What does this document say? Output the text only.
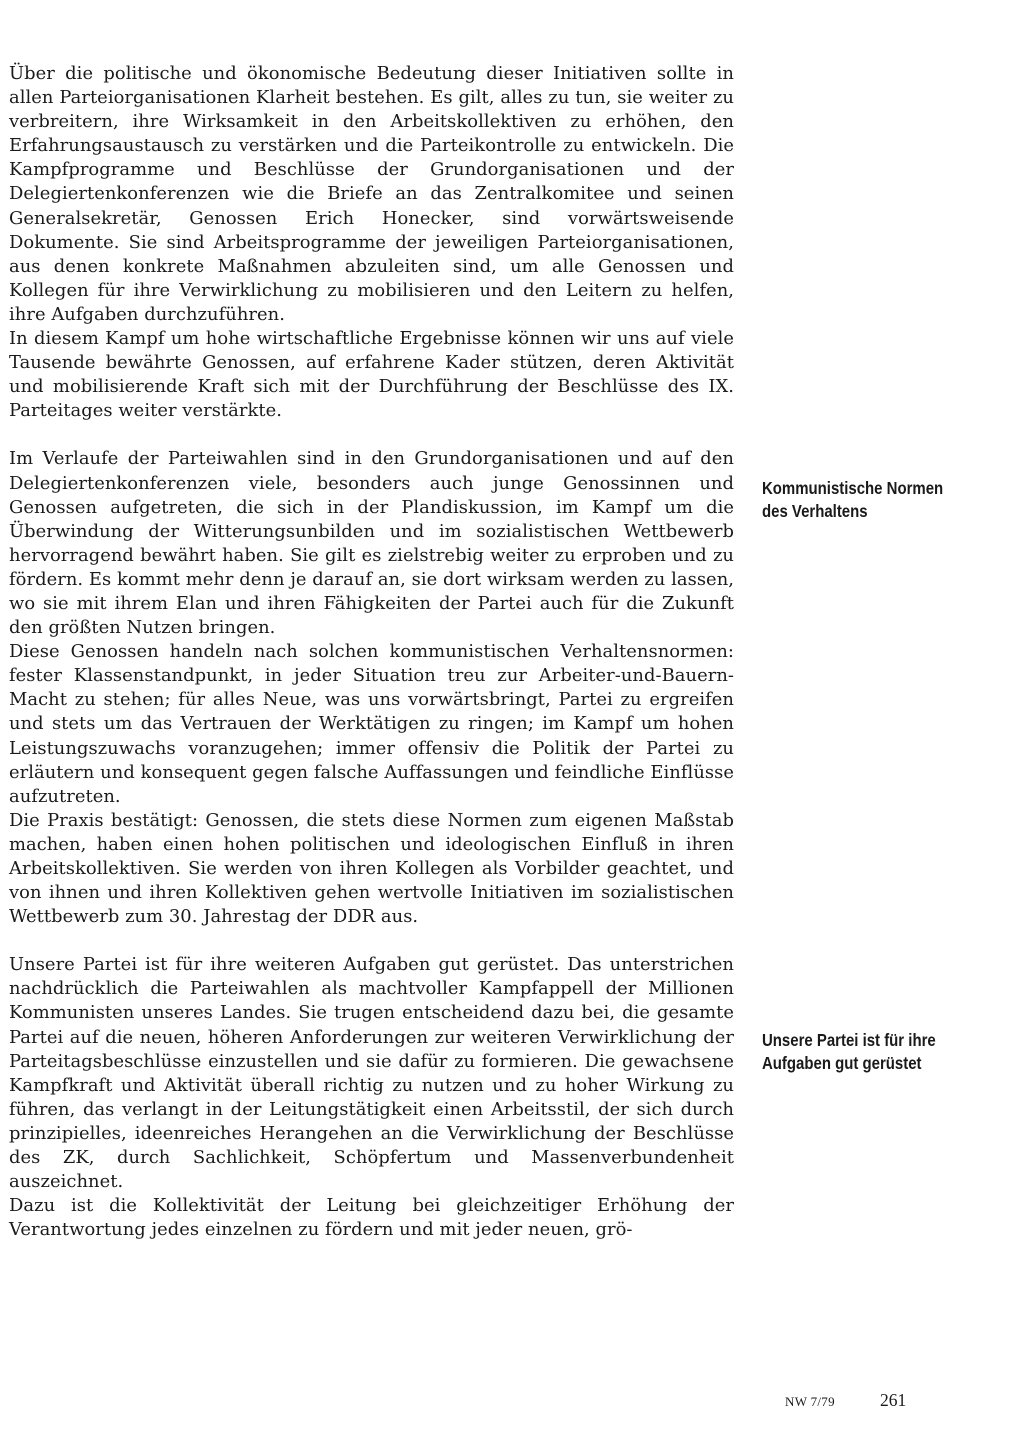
Über die politische und ökonomische Bedeutung dieser Initiativen sollte in allen Parteiorganisationen Klarheit bestehen. Es gilt, alles zu tun, sie weiter zu verbreitern, ihre Wirksamkeit in den Arbeitskollektiven zu erhöhen, den Erfahrungsaustausch zu verstärken und die Parteikontrolle zu entwickeln. Die Kampfprogramme und Beschlüsse der Grundorganisationen und der Delegiertenkonferenzen wie die Briefe an das Zentralkomitee und seinen Generalsekretär, Genossen Erich Honecker, sind vorwärtsweisende Dokumente. Sie sind Arbeitsprogramme der jeweiligen Parteiorganisationen, aus denen konkrete Maßnahmen abzuleiten sind, um alle Genossen und Kollegen für ihre Verwirklichung zu mobilisieren und den Leitern zu helfen, ihre Aufgaben durchzuführen.

In diesem Kampf um hohe wirtschaftliche Ergebnisse können wir uns auf viele Tausende bewährte Genossen, auf erfahrene Kader stützen, deren Aktivität und mobilisierende Kraft sich mit der Durchführung der Beschlüsse des IX. Parteitages weiter verstärkte.

Im Verlaufe der Parteiwahlen sind in den Grundorganisationen und auf den Delegiertenkonferenzen viele, besonders auch junge Genossinnen und Genossen aufgetreten, die sich in der Plandiskussion, im Kampf um die Überwindung der Witterungsunbilden und im sozialistischen Wettbewerb hervorragend bewährt haben. Sie gilt es zielstrebig weiter zu erproben und zu fördern. Es kommt mehr denn je darauf an, sie dort wirksam werden zu lassen, wo sie mit ihrem Elan und ihren Fähigkeiten der Partei auch für die Zukunft den größten Nutzen bringen.

Diese Genossen handeln nach solchen kommunistischen Verhaltensnormen: fester Klassenstandpunkt, in jeder Situation treu zur Arbeiter-und-Bauern-Macht zu stehen; für alles Neue, was uns vorwärtsbringt, Partei zu ergreifen und stets um das Vertrauen der Werktätigen zu ringen; im Kampf um hohen Leistungszuwachs voranzugehen; immer offensiv die Politik der Partei zu erläutern und konsequent gegen falsche Auffassungen und feindliche Einflüsse aufzutreten.

Die Praxis bestätigt: Genossen, die stets diese Normen zum eigenen Maßstab machen, haben einen hohen politischen und ideologischen Einfluß in ihren Arbeitskollektiven. Sie werden von ihren Kollegen als Vorbilder geachtet, und von ihnen und ihren Kollektiven gehen wertvolle Initiativen im sozialistischen Wettbewerb zum 30. Jahrestag der DDR aus.

Unsere Partei ist für ihre weiteren Aufgaben gut gerüstet. Das unterstrichen nachdrücklich die Parteiwahlen als machtvoller Kampfappell der Millionen Kommunisten unseres Landes. Sie trugen entscheidend dazu bei, die gesamte Partei auf die neuen, höheren Anforderungen zur weiteren Verwirklichung der Parteitagsbeschlüsse einzustellen und sie dafür zu formieren. Die gewachsene Kampfkraft und Aktivität überall richtig zu nutzen und zu hoher Wirkung zu führen, das verlangt in der Leitungstätigkeit einen Arbeitsstil, der sich durch prinzipielles, ideenreiches Herangehen an die Verwirklichung der Beschlüsse des ZK, durch Sachlichkeit, Schöpfertum und Massenverbundenheit auszeichnet.

Dazu ist die Kollektivität der Leitung bei gleichzeitiger Erhöhung der Verantwortung jedes einzelnen zu fördern und mit jeder neuen, grö-

Kommunistische Normen des Verhaltens
Unsere Partei ist für ihre Aufgaben gut gerüstet
NW 7/79	261
